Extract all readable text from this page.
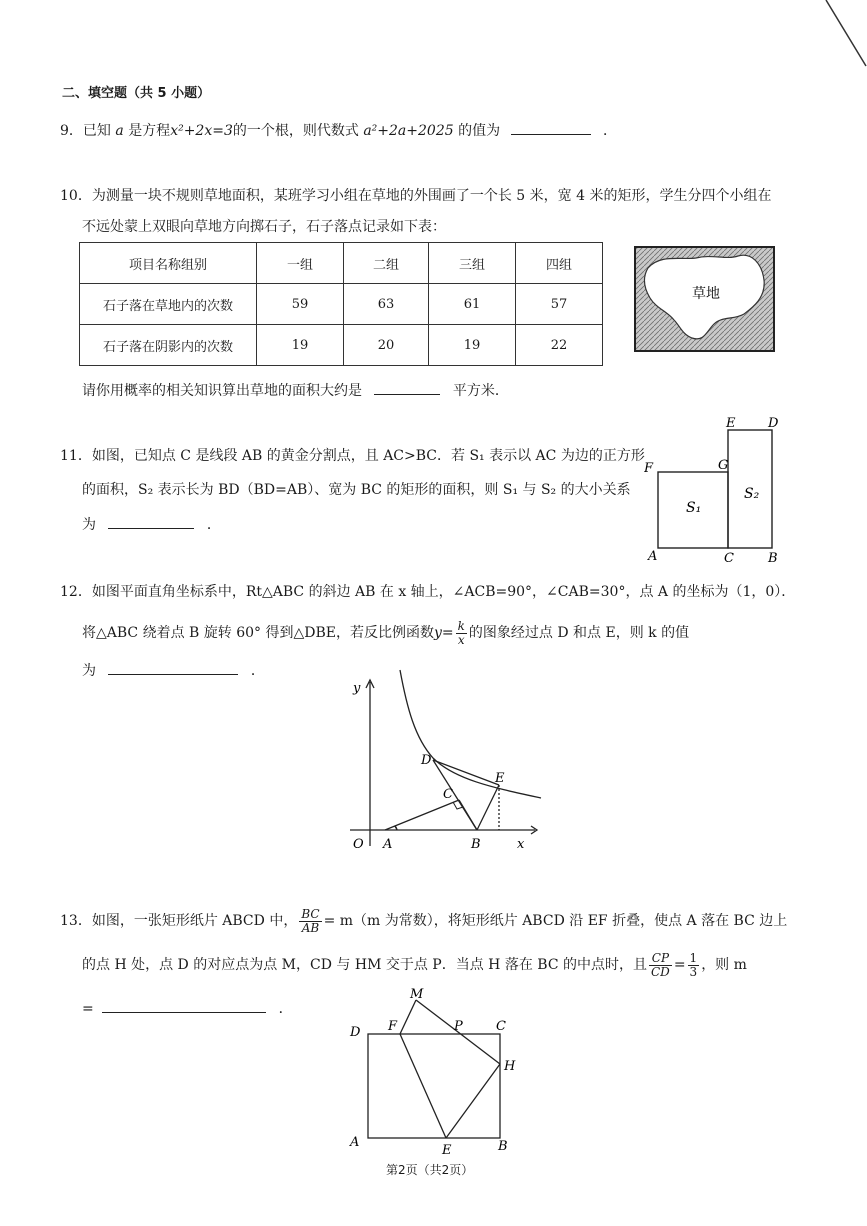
二、填空题（共 5 小题）
9．已知 a 是方程x²+2x=3的一个根，则代数式 a²+2a+2025 的值为	．
10．为测量一块不规则草地面积，某班学习小组在草地的外围画了一个长 5 米，宽 4 米的矩形，学生分四个小组在
不远处蒙上双眼向草地方向掷石子，石子落点记录如下表：
项目名称组别	一组	二组	三组	四组
石子落在草地内的次数	59	63	61	57
石子落在阴影内的次数	19	20	19	22
草地
请你用概率的相关知识算出草地的面积大约是	平方米．
11．如图，已知点 C 是线段 AB 的黄金分割点，且 AC>BC．若 S₁ 表示以 AC 为边的正方形
的面积，S₂ 表示长为 BD（BD=AB）、宽为 BC 的矩形的面积，则 S₁ 与 S₂ 的大小关系
为	．
F	G
E	D
S₁
S₂
A	C	B
12．如图平面直角坐标系中，Rt△ABC 的斜边 AB 在 x 轴上，∠ACB=90°，∠CAB=30°，点 A 的坐标为（1，0）．
将△ABC 绕着点 B 旋转 60° 得到△DBE，若反比例函数$y= \frac{k}{x}$ 的图象经过点 D 和点 E，则 k 的值
为	．
y
x
O A	B
C
D
E
13．如图，一张矩形纸片 ABCD 中， $\frac{BC}{AB} = m(m$ 为常数），将矩形纸片 ABCD 沿 EF 折叠，使点 A 落在 BC 边上
的点 H 处，点 D 的对应点为点 M，CD 与 HM 交于点 P．当点 H 落在 BC 的中点时，且 $\frac{CP}{CD} = \frac{1}{3}$ ，则 m
=	．
M
F	P	C
D
H
A
E	B
第2页（共2页）
